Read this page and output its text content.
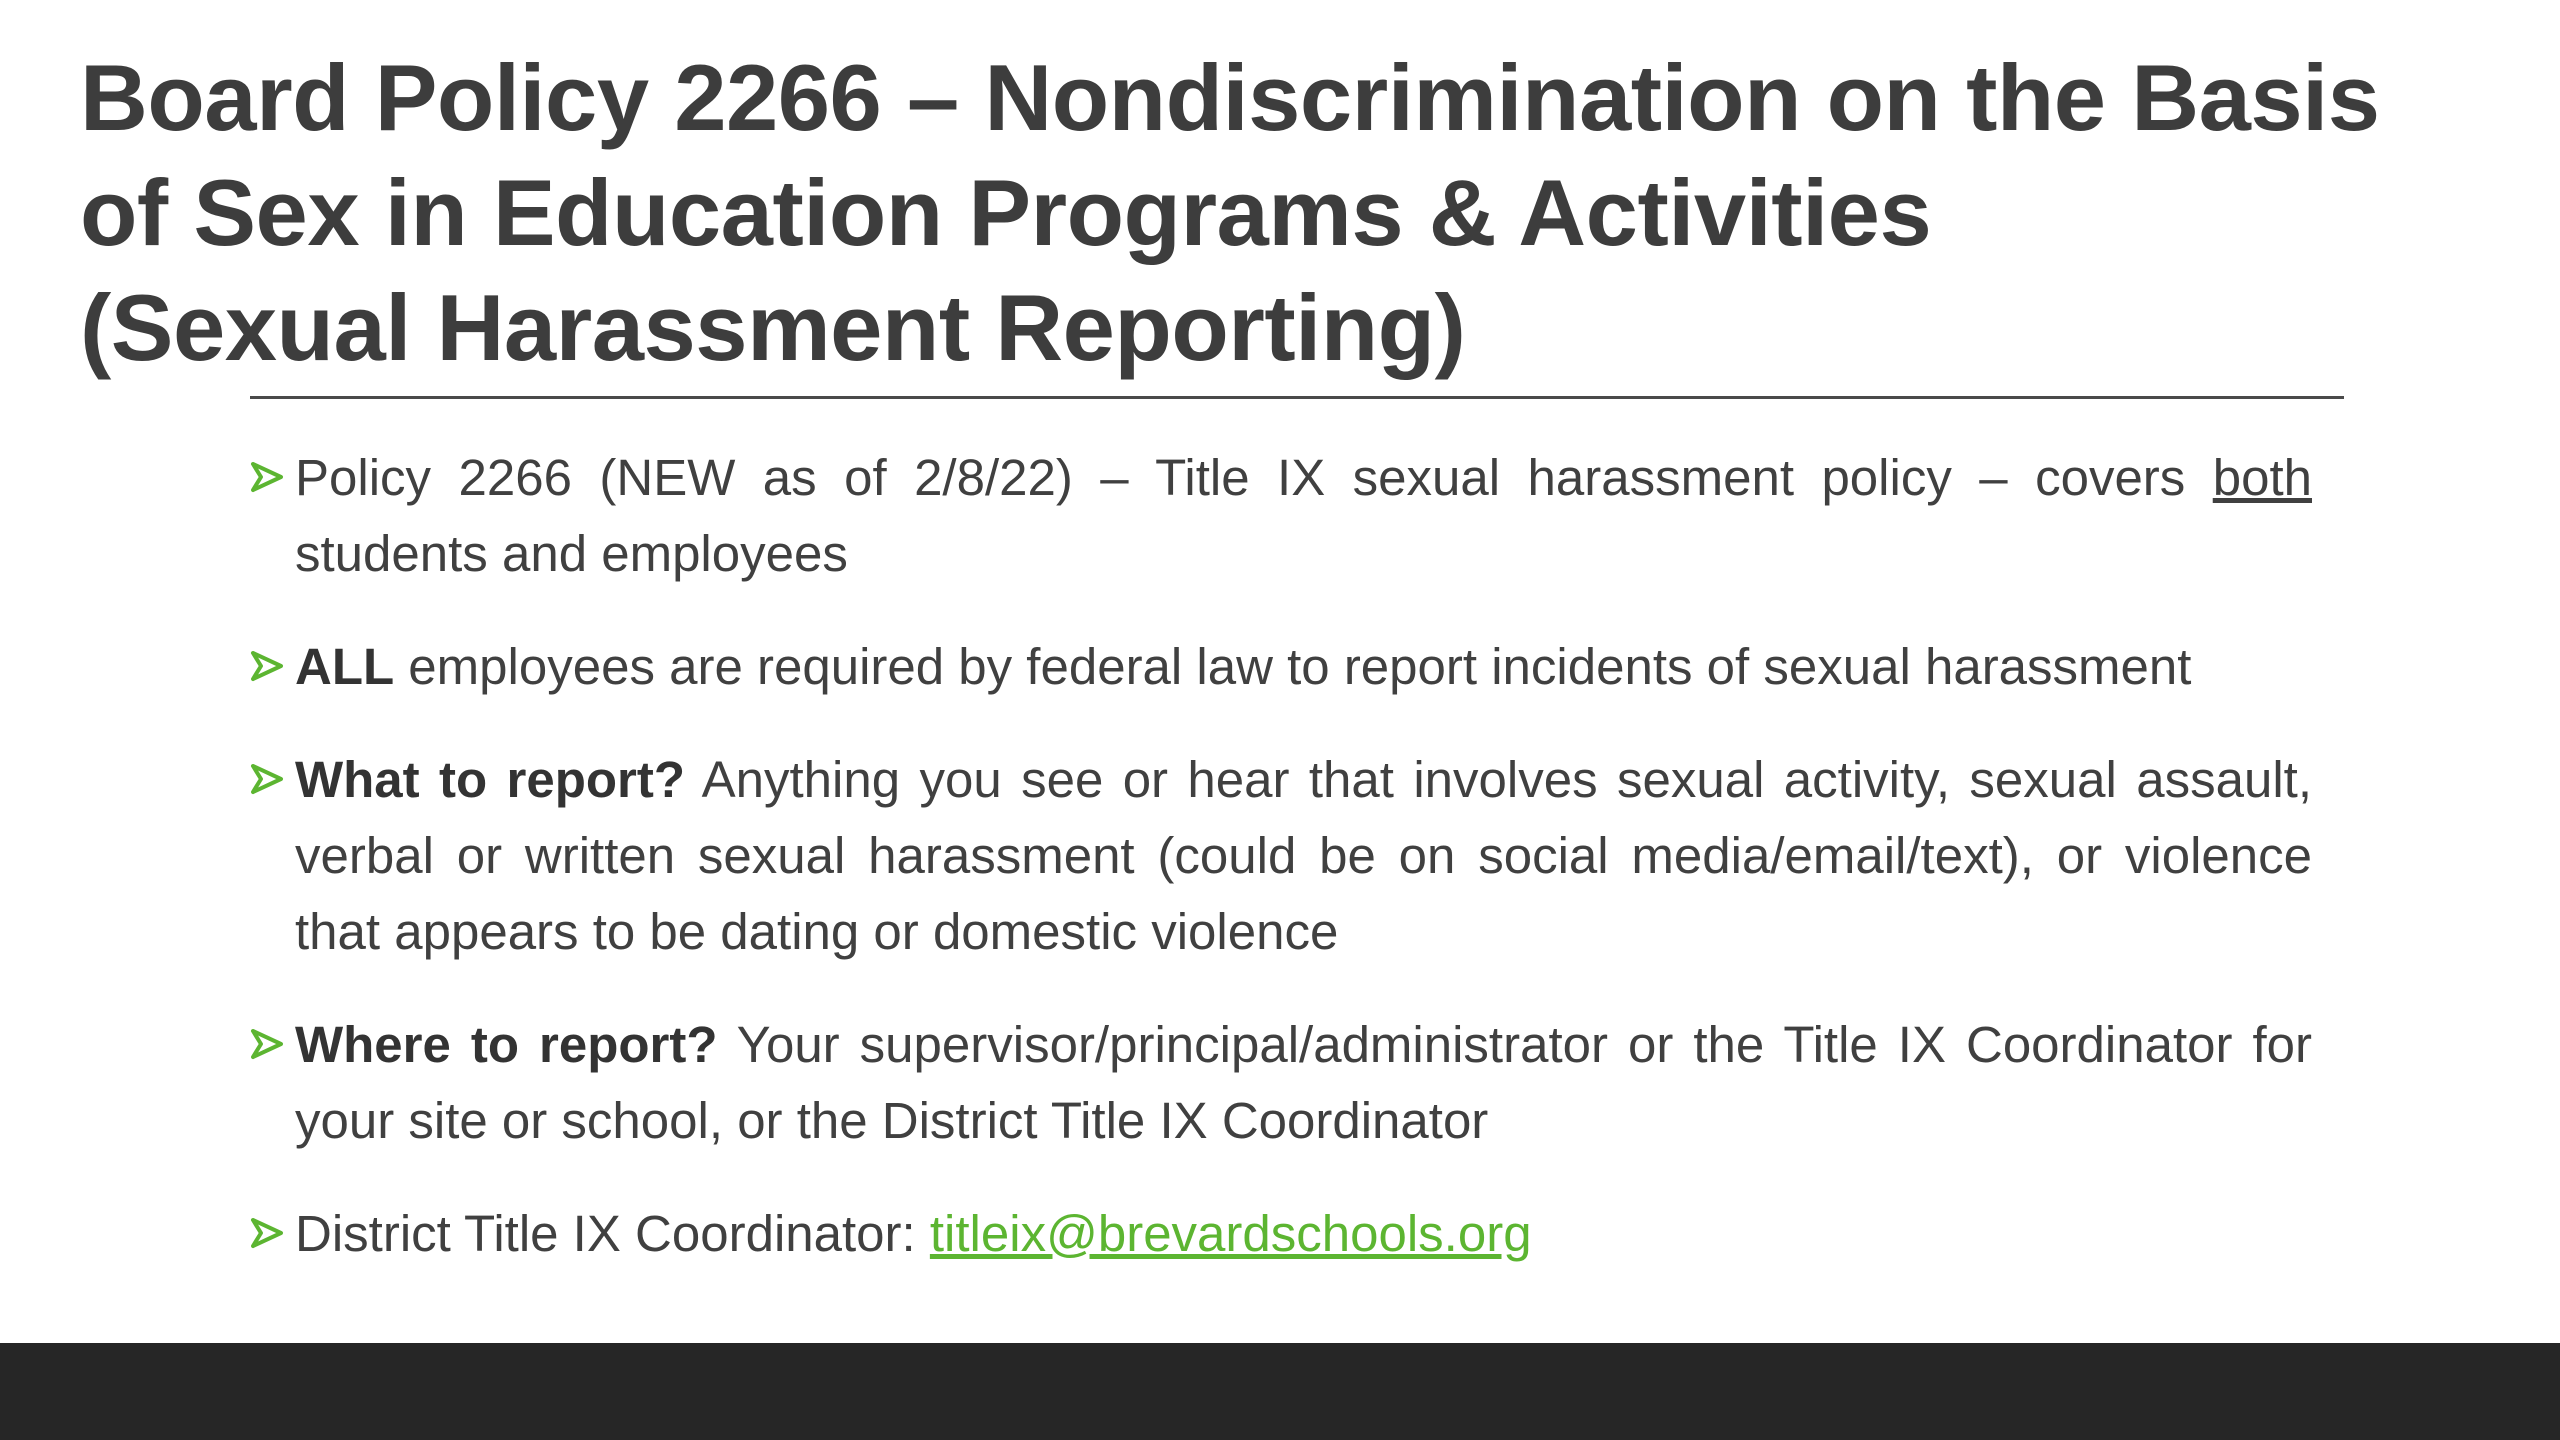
Board Policy 2266 – Nondiscrimination on the Basis
of Sex in Education Programs & Activities
(Sexual Harassment Reporting)
Policy 2266 (NEW as of 2/8/22) – Title IX sexual harassment policy – covers both students and employees
ALL employees are required by federal law to report incidents of sexual harassment
What to report? Anything you see or hear that involves sexual activity, sexual assault, verbal or written sexual harassment (could be on social media/email/text), or violence that appears to be dating or domestic violence
Where to report? Your supervisor/principal/administrator or the Title IX Coordinator for your site or school, or the District Title IX Coordinator
District Title IX Coordinator: titleix@brevardschools.org
